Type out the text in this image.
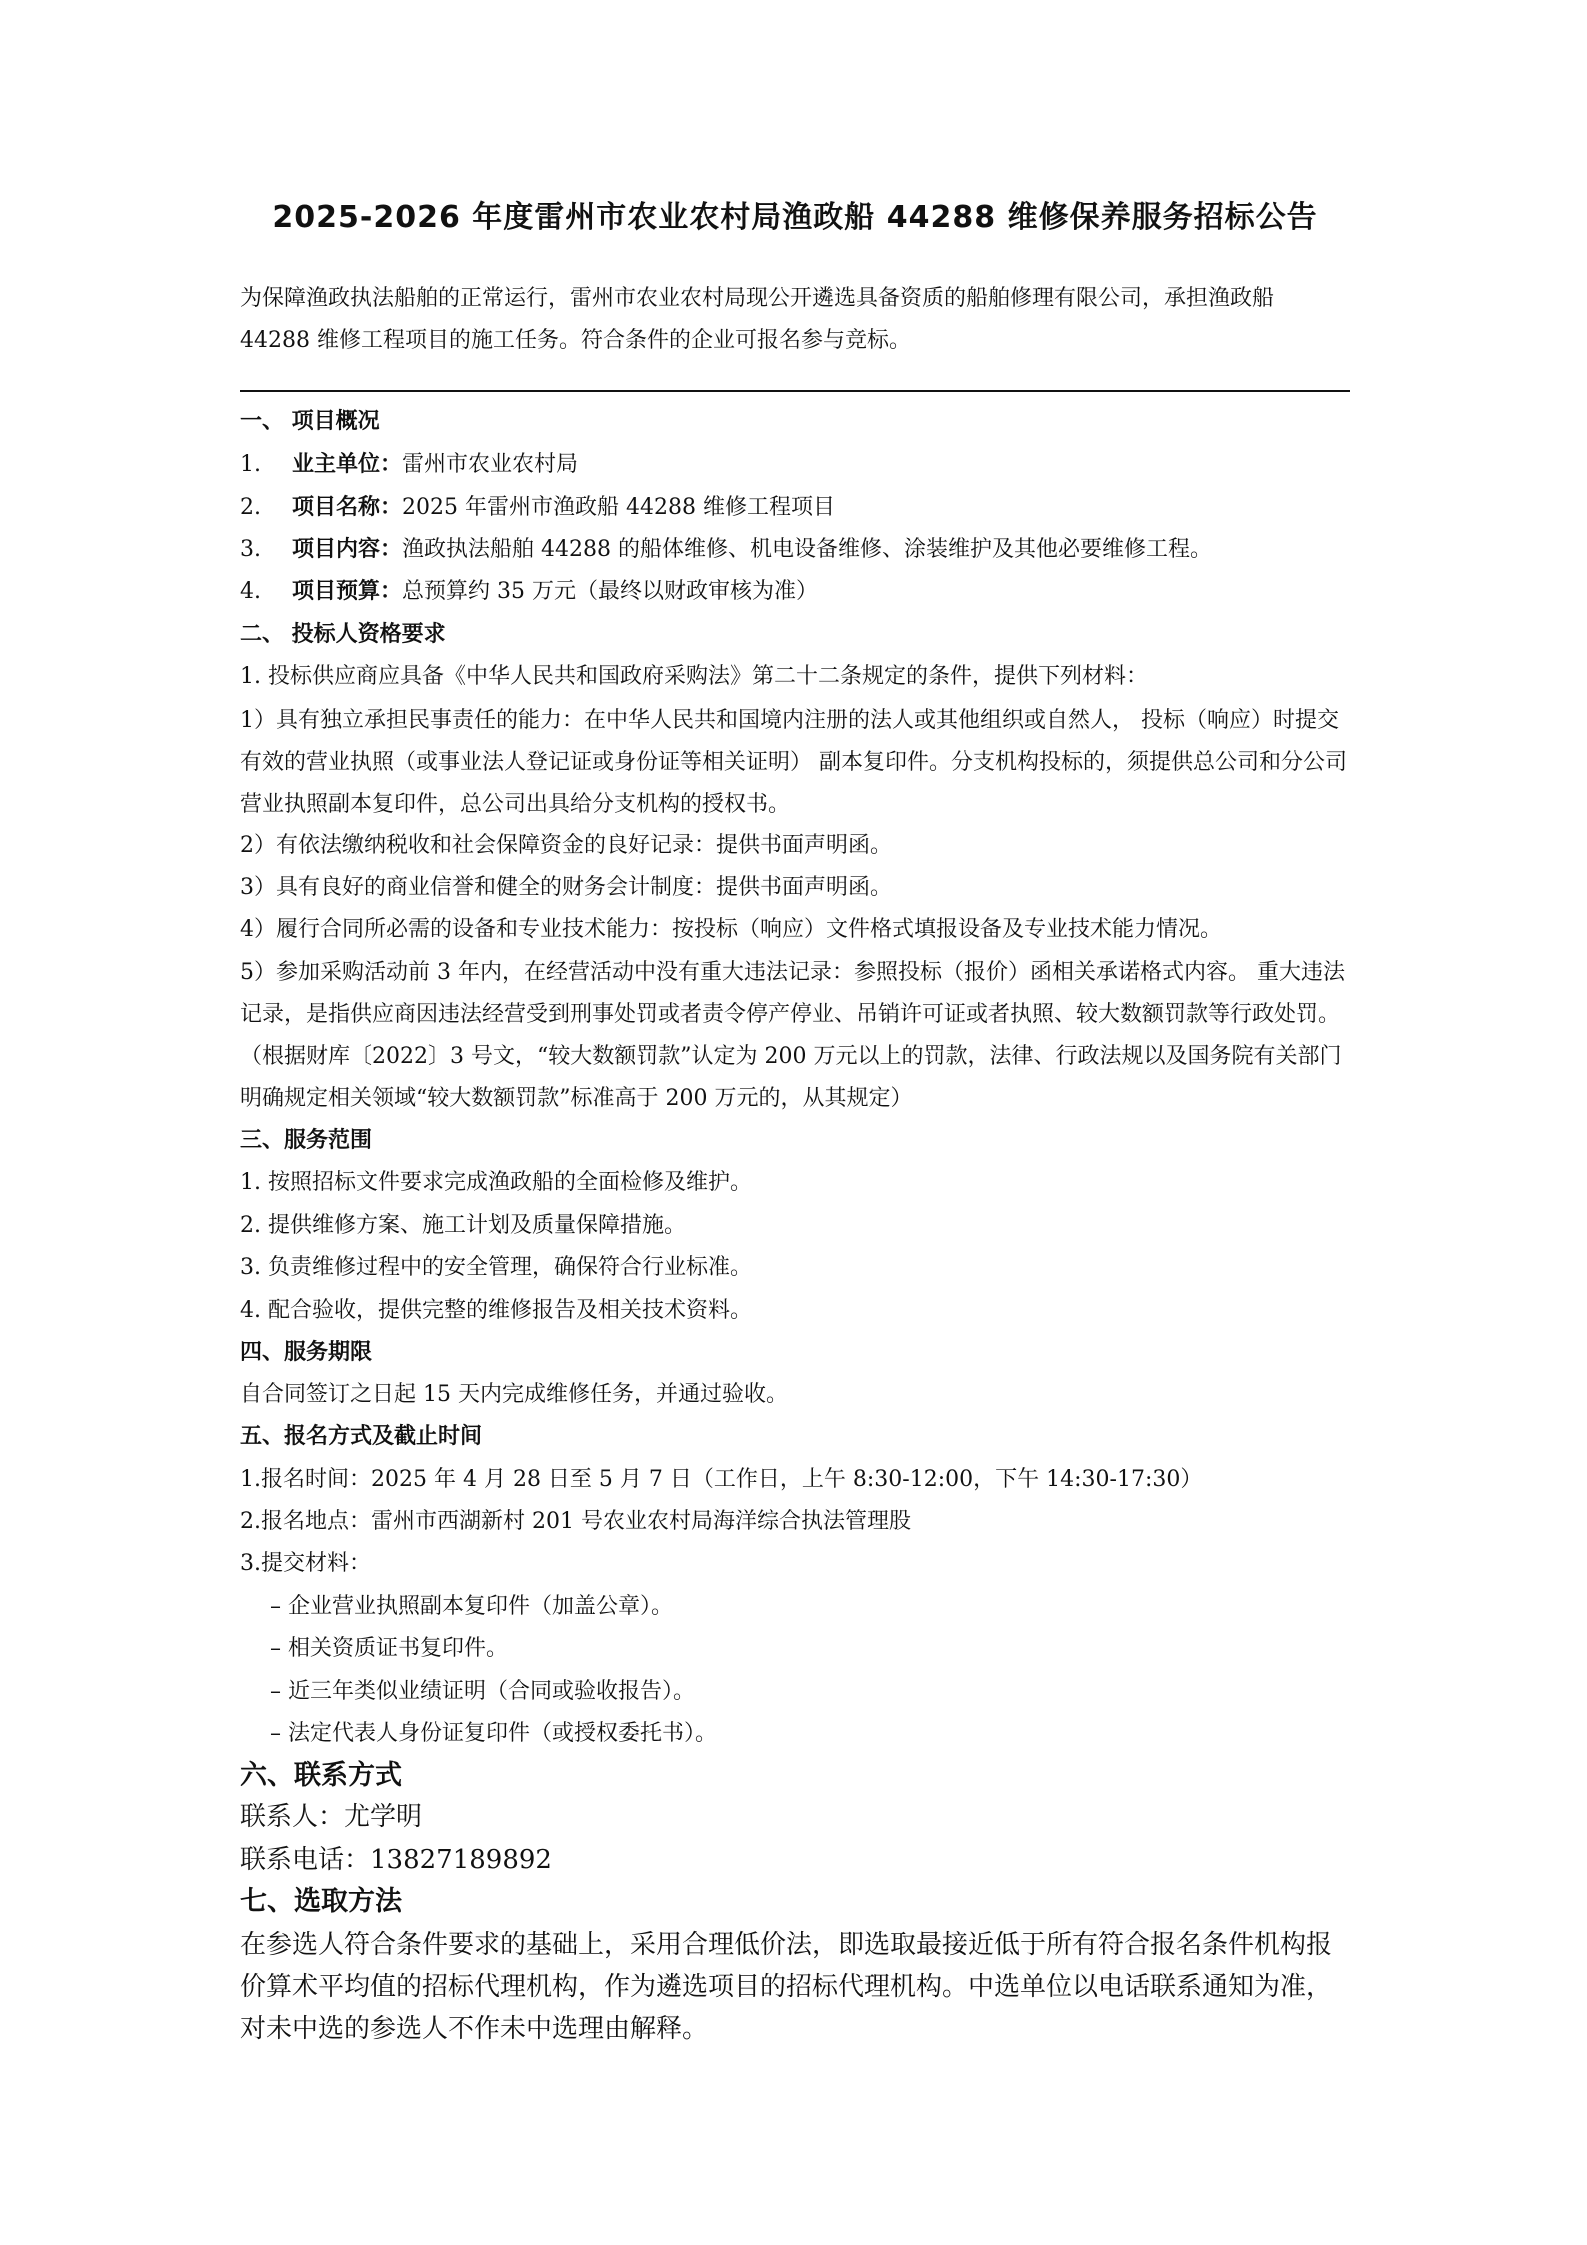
2025-2026 年度雷州市农业农村局渔政船 44288 维修保养服务招标公告
为保障渔政执法船舶的正常运行，雷州市农业农村局现公开遴选具备资质的船舶修理有限公司，承担渔政船 44288 维修工程项目的施工任务。符合条件的企业可报名参与竞标。
一、 项目概况
1. 业主单位：雷州市农业农村局
2. 项目名称：2025 年雷州市渔政船 44288 维修工程项目
3. 项目内容：渔政执法船舶 44288 的船体维修、机电设备维修、涂装维护及其他必要维修工程。
4. 项目预算：总预算约 35 万元（最终以财政审核为准）
二、 投标人资格要求
1. 投标供应商应具备《中华人民共和国政府采购法》第二十二条规定的条件，提供下列材料：
1）具有独立承担民事责任的能力：在中华人民共和国境内注册的法人或其他组织或自然人， 投标（响应）时提交有效的营业执照（或事业法人登记证或身份证等相关证明） 副本复印件。分支机构投标的，须提供总公司和分公司营业执照副本复印件，总公司出具给分支机构的授权书。
2）有依法缴纳税收和社会保障资金的良好记录：提供书面声明函。
3）具有良好的商业信誉和健全的财务会计制度：提供书面声明函。
4）履行合同所必需的设备和专业技术能力：按投标（响应）文件格式填报设备及专业技术能力情况。
5）参加采购活动前 3 年内，在经营活动中没有重大违法记录：参照投标（报价）函相关承诺格式内容。 重大违法记录，是指供应商因违法经营受到刑事处罚或者责令停产停业、吊销许可证或者执照、较大数额罚款等行政处罚。（根据财库〔2022〕3 号文，“较大数额罚款”认定为 200 万元以上的罚款，法律、行政法规以及国务院有关部门明确规定相关领域“较大数额罚款”标准高于 200 万元的，从其规定）
三、服务范围
1. 按照招标文件要求完成渔政船的全面检修及维护。
2. 提供维修方案、施工计划及质量保障措施。
3. 负责维修过程中的安全管理，确保符合行业标准。
4. 配合验收，提供完整的维修报告及相关技术资料。
四、服务期限
自合同签订之日起 15 天内完成维修任务，并通过验收。
五、报名方式及截止时间
1.报名时间：2025 年 4 月 28 日至 5 月 7 日（工作日，上午 8:30-12:00，下午 14:30-17:30）
2.报名地点：雷州市西湖新村 201 号农业农村局海洋综合执法管理股
3.提交材料：
– 企业营业执照副本复印件（加盖公章）。
– 相关资质证书复印件。
– 近三年类似业绩证明（合同或验收报告）。
– 法定代表人身份证复印件（或授权委托书）。
六、联系方式
联系人：尤学明
联系电话：13827189892
七、选取方法
在参选人符合条件要求的基础上，采用合理低价法，即选取最接近低于所有符合报名条件机构报价算术平均值的招标代理机构，作为遴选项目的招标代理机构。中选单位以电话联系通知为准，对未中选的参选人不作未中选理由解释。
